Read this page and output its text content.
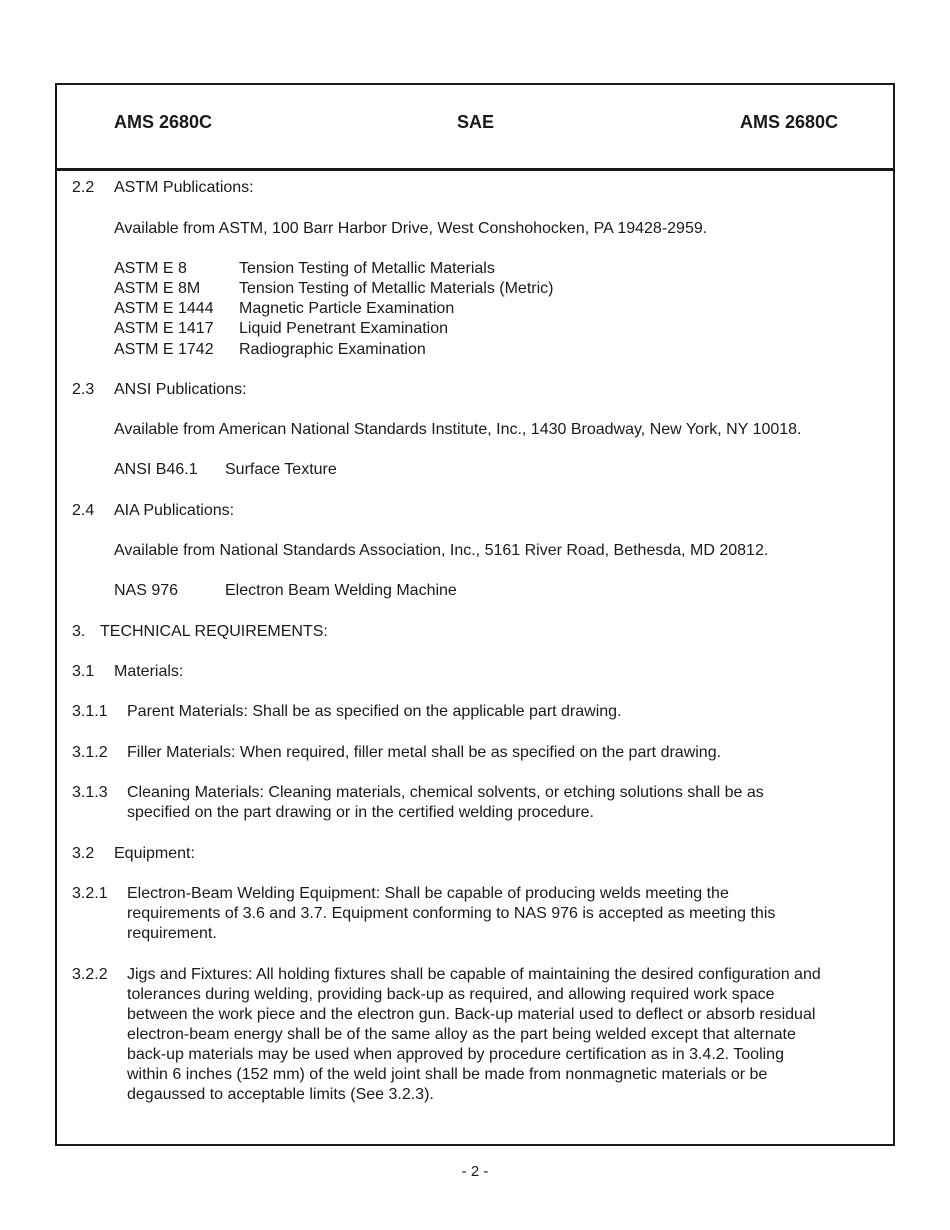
AMS 2680C	SAE	AMS 2680C
2.2 ASTM Publications:
Available from ASTM, 100 Barr Harbor Drive, West Conshohocken, PA 19428-2959.
ASTM E 8	Tension Testing of Metallic Materials
ASTM E 8M Tension Testing of Metallic Materials (Metric)
ASTM E 1444 Magnetic Particle Examination
ASTM E 1417 Liquid Penetrant Examination
ASTM E 1742 Radiographic Examination
2.3 ANSI Publications:
Available from American National Standards Institute, Inc., 1430 Broadway, New York, NY 10018.
ANSI B46.1 Surface Texture
2.4 AIA Publications:
Available from National Standards Association, Inc., 5161 River Road, Bethesda, MD 20812.
NAS 976	Electron Beam Welding Machine
3. TECHNICAL REQUIREMENTS:
3.1 Materials:
3.1.1 Parent Materials: Shall be as specified on the applicable part drawing.
3.1.2 Filler Materials: When required, filler metal shall be as specified on the part drawing.
3.1.3 Cleaning Materials: Cleaning materials, chemical solvents, or etching solutions shall be as
specified on the part drawing or in the certified welding procedure.
3.2 Equipment:
3.2.1 Electron-Beam Welding Equipment: Shall be capable of producing welds meeting the
requirements of 3.6 and 3.7. Equipment conforming to NAS 976 is accepted as meeting this
requirement.
3.2.2 Jigs and Fixtures: All holding fixtures shall be capable of maintaining the desired configuration and
tolerances during welding, providing back-up as required, and allowing required work space
between the work piece and the electron gun. Back-up material used to deflect or absorb residual
electron-beam energy shall be of the same alloy as the part being welded except that alternate
back-up materials may be used when approved by procedure certification as in 3.4.2. Tooling
within 6 inches (152 mm) of the weld joint shall be made from nonmagnetic materials or be
degaussed to acceptable limits (See 3.2.3).
- 2 -
